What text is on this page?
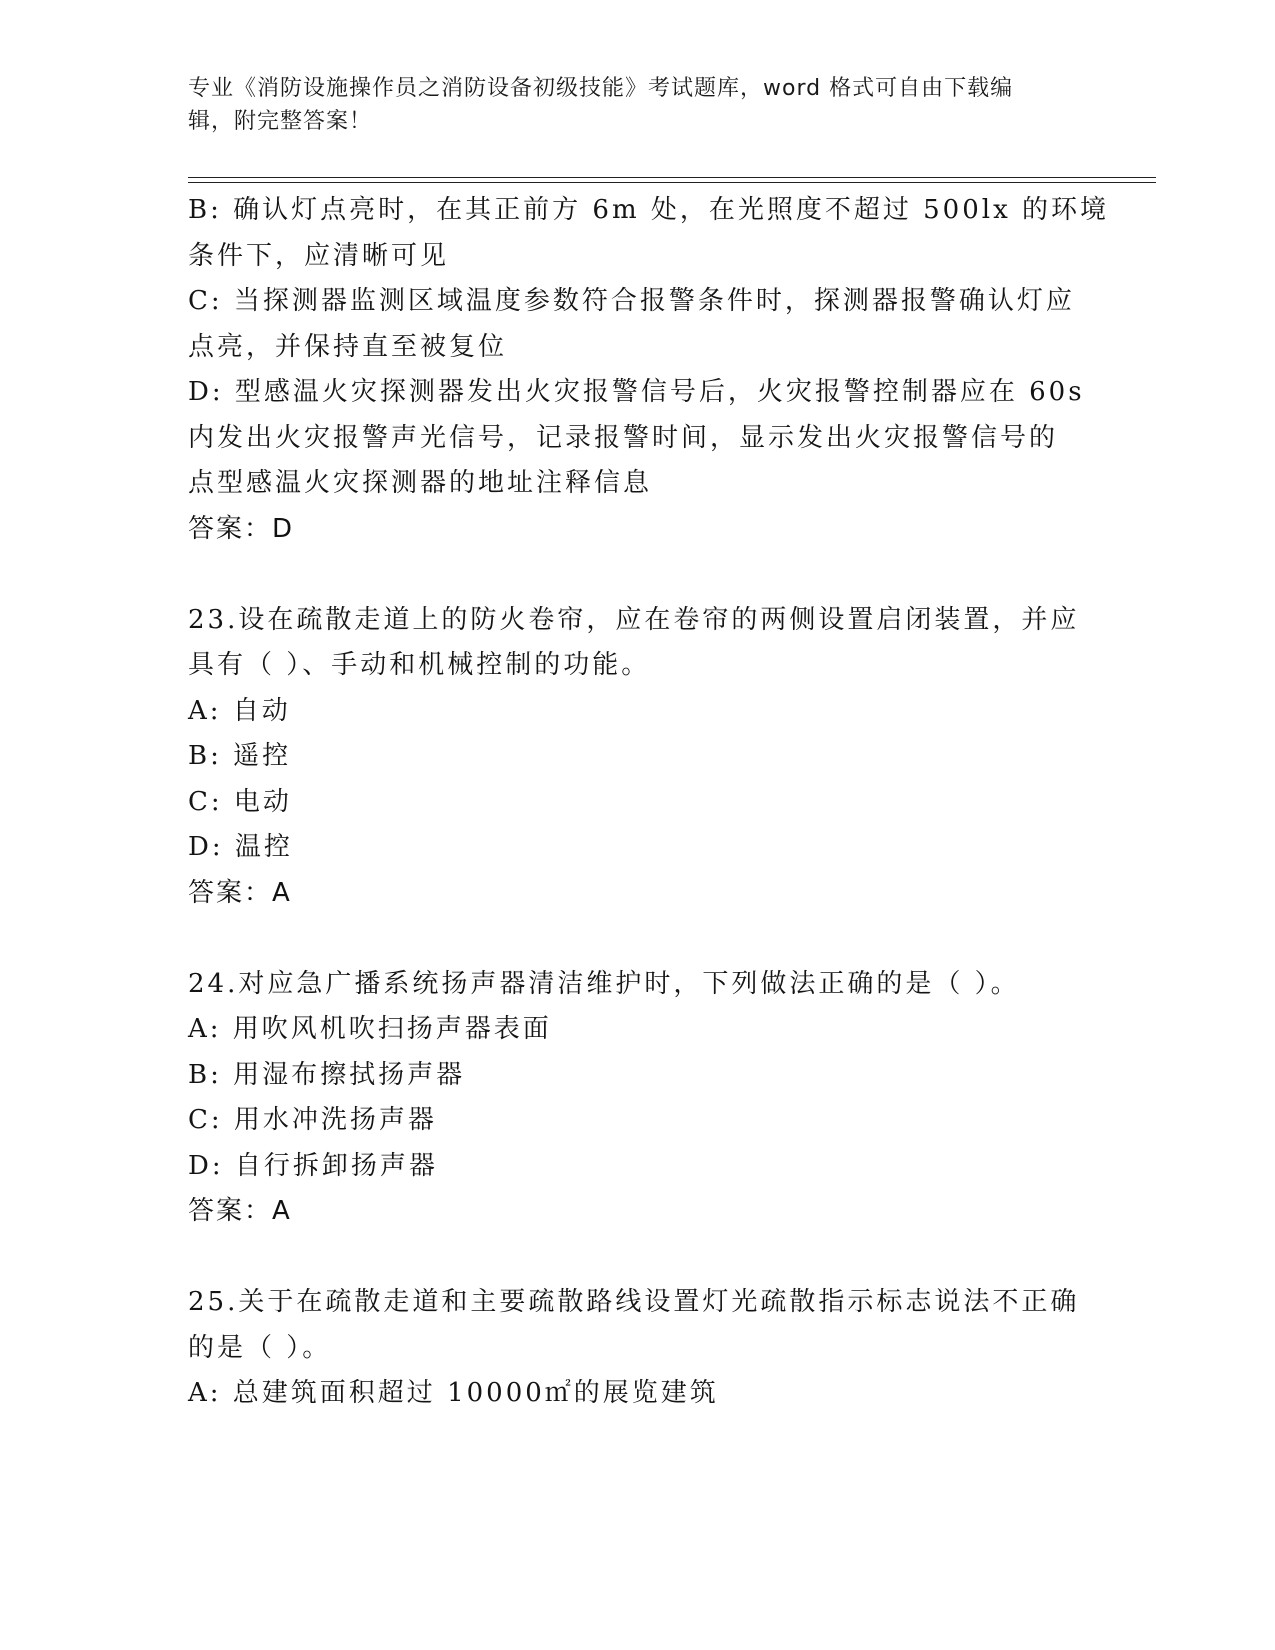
专业《消防设施操作员之消防设备初级技能》考试题库，word 格式可自由下载编
辑，附完整答案！
B: 确认灯点亮时，在其正前方 6m 处，在光照度不超过 500lx 的环境
条件下，应清晰可见
C: 当探测器监测区域温度参数符合报警条件时，探测器报警确认灯应
点亮，并保持直至被复位
D: 型感温火灾探测器发出火灾报警信号后，火灾报警控制器应在 60s
内发出火灾报警声光信号，记录报警时间，显示发出火灾报警信号的
点型感温火灾探测器的地址注释信息
答案：D
23.设在疏散走道上的防火卷帘，应在卷帘的两侧设置启闭装置，并应
具有（ ）、手动和机械控制的功能。
A: 自动
B: 遥控
C: 电动
D: 温控
答案：A
24.对应急广播系统扬声器清洁维护时，下列做法正确的是（ ）。
A: 用吹风机吹扫扬声器表面
B: 用湿布擦拭扬声器
C: 用水冲洗扬声器
D: 自行拆卸扬声器
答案：A
25.关于在疏散走道和主要疏散路线设置灯光疏散指示标志说法不正确
的是（ ）。
A: 总建筑面积超过 10000㎡的展览建筑
